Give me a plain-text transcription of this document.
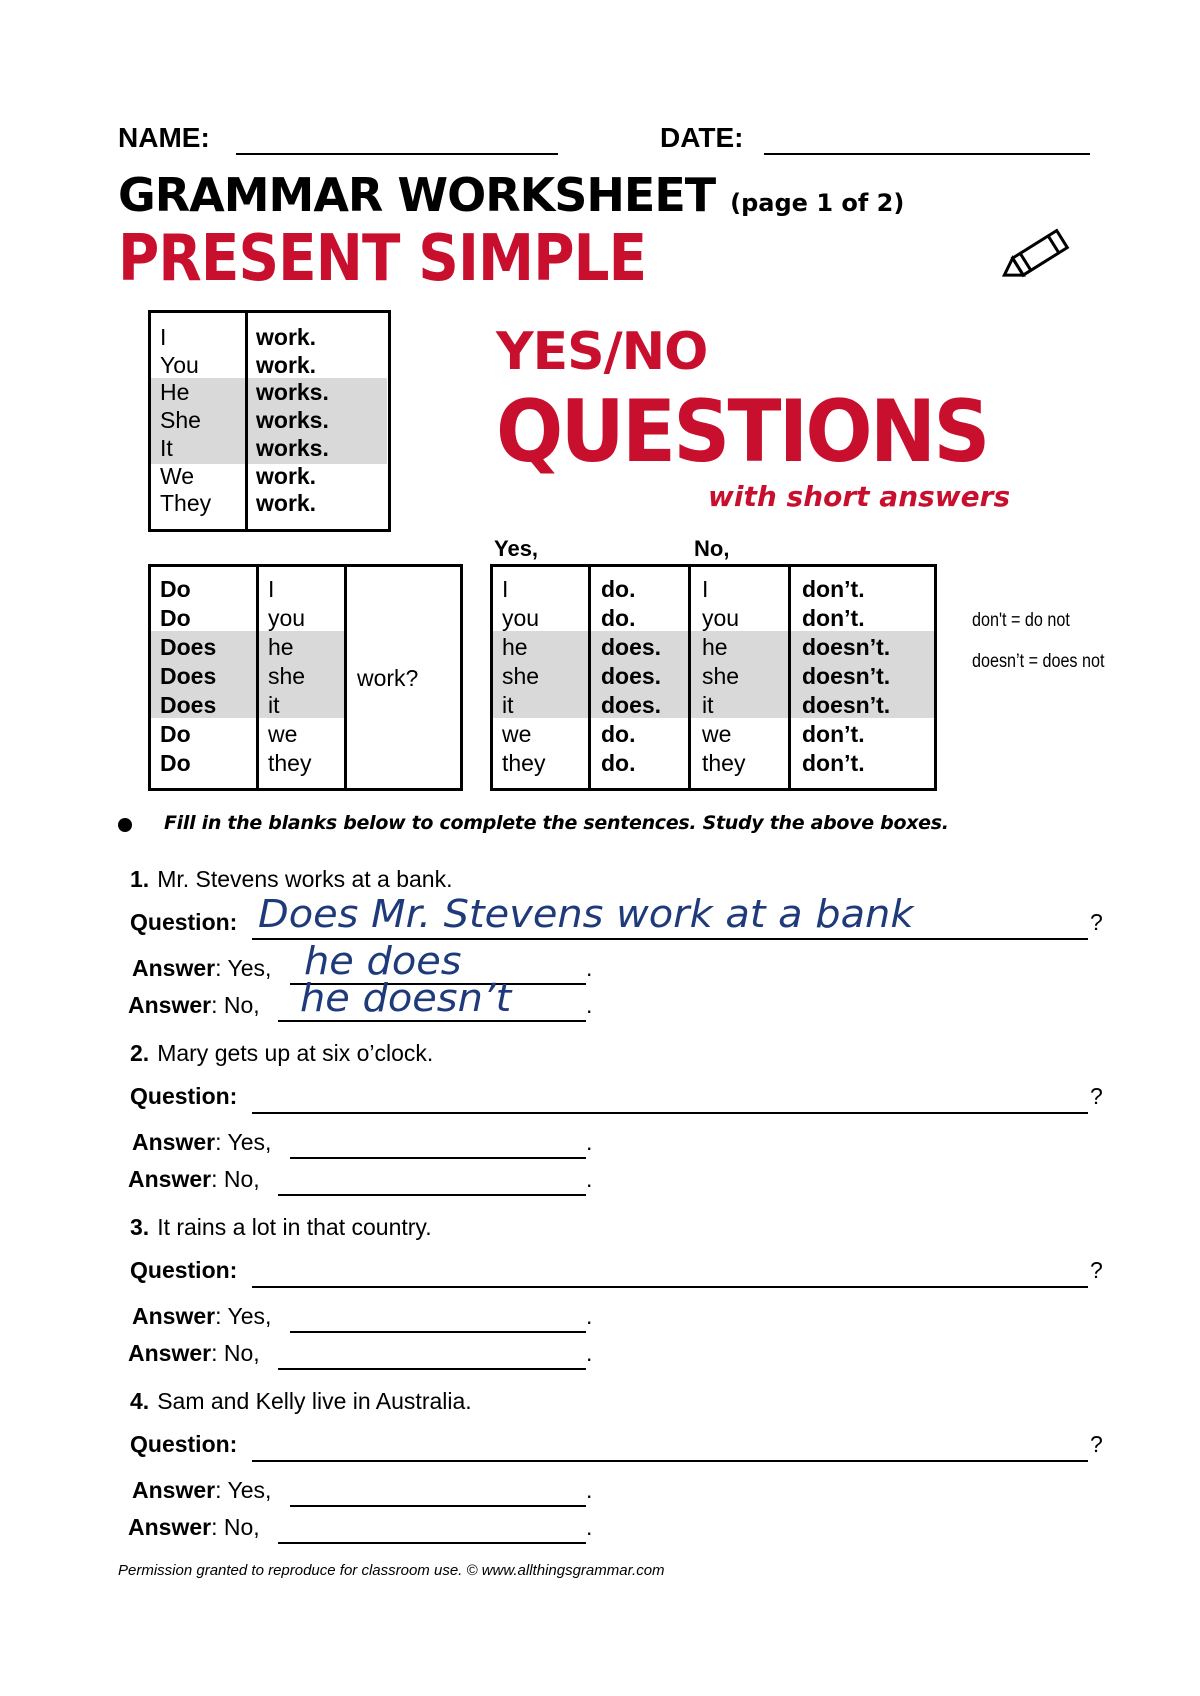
NAME:	DATE:
GRAMMAR WORKSHEET (page 1 of 2)
PRESENT SIMPLE
I	work.
You work.
He	works.
She works.
It	works.
We	work.
They work.
YES/NO
QUESTIONS
with short answers
Do	I
Do	you
Does he
Does she
Does it
Do	we
Do	they
work?
Yes,	No,
I	do.	I	don’t.
you	do.	you	don’t.
he	does. he	doesn’t.
she	does. she	doesn’t.
it	does. it	doesn’t.
we	do.	we	don’t.
they do.	they don’t.
don't = do not
doesn’t = does not
Fill in the blanks below to complete the sentences. Study the above boxes.
1. Mr. Stevens works at a bank.
Question:	?
Does Mr. Stevens work at a bank
Answer: Yes,	.
he does
Answer: No,	.
he doesn’t
2. Mary gets up at six o’clock.
Question:	?
Answer: Yes,	.
Answer: No,	.
3. It rains a lot in that country.
Question:	?
Answer: Yes,	.
Answer: No,	.
4. Sam and Kelly live in Australia.
Question:	?
Answer: Yes,	.
Answer: No,	.
Permission granted to reproduce for classroom use. © www.allthingsgrammar.com
